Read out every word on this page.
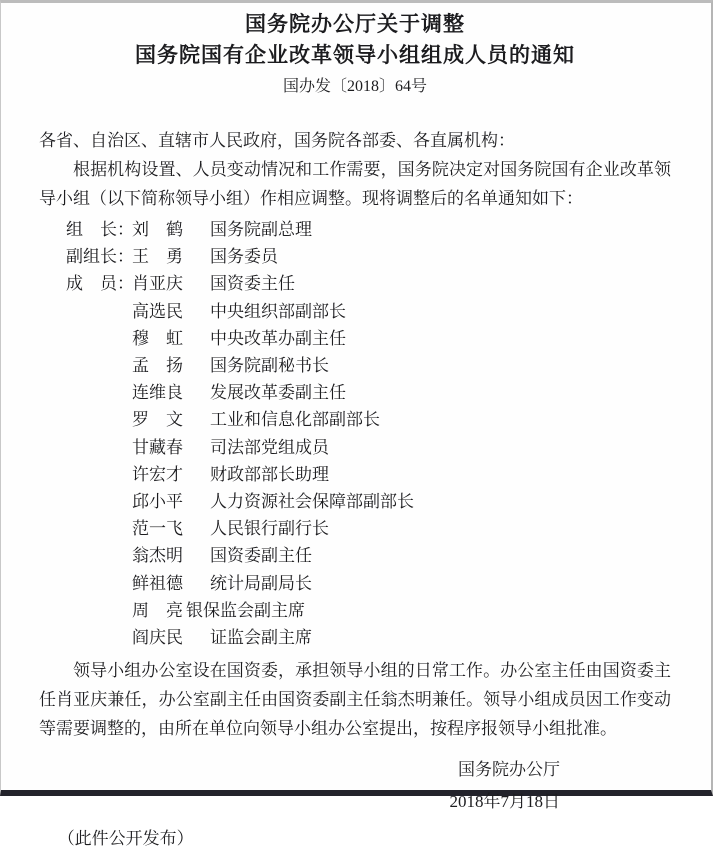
国务院办公厅关于调整
国务院国有企业改革领导小组组成人员的通知
国办发〔2018〕64号
各省、自治区、直辖市人民政府，国务院各部委、各直属机构：
根据机构设置、人员变动情况和工作需要，国务院决定对国务院国有企业改革领导小组（以下简称领导小组）作相应调整。现将调整后的名单通知如下：
组　长：
刘　鹤	国务院副总理
副组长：
王　勇	国务委员
成　员：
肖亚庆	国资委主任
高选民	中央组织部副部长
穆　虹	中央改革办副主任
孟　扬	国务院副秘书长
连维良	发展改革委副主任
罗　文	工业和信息化部副部长
甘藏春	司法部党组成员
许宏才	财政部部长助理
邱小平	人力资源社会保障部副部长
范一飞	人民银行副行长
翁杰明	国资委副主任
鲜祖德	统计局副局长
周　亮 银保监会副主席
阎庆民	证监会副主席
领导小组办公室设在国资委，承担领导小组的日常工作。办公室主任由国资委主任肖亚庆兼任，办公室副主任由国资委副主任翁杰明兼任。领导小组成员因工作变动等需要调整的，由所在单位向领导小组办公室提出，按程序报领导小组批准。
国务院办公厅
2018年7月18日
（此件公开发布）
